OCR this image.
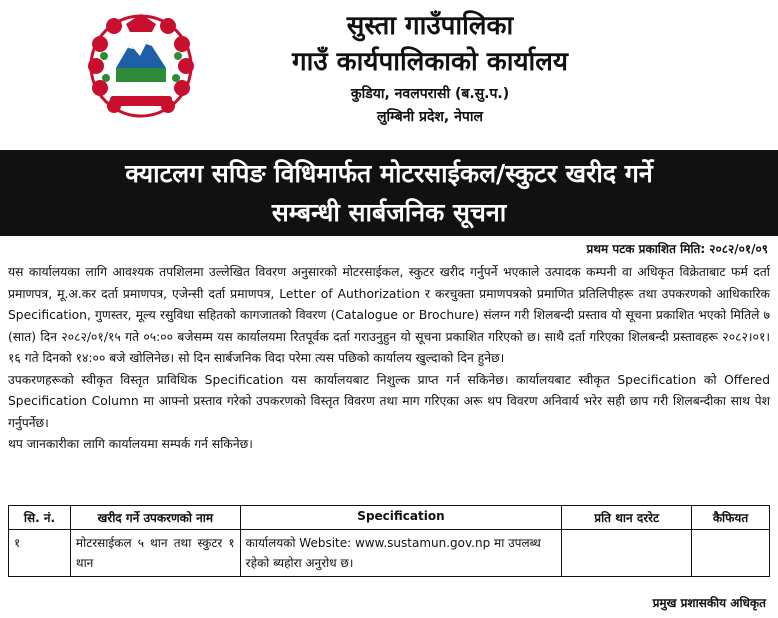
सुस्ता गाउँपालिका
गाउँ कार्यपालिकाको कार्यालय
कुडिया, नवलपरासी (ब.सु.प.)
लुम्बिनी प्रदेश, नेपाल
क्याटलग सपिङ विधिमार्फत मोटरसाईकल/स्कुटर खरीद गर्ने
सम्बन्धी सार्बजनिक सूचना
प्रथम पटक प्रकाशित मिति: २०८२/०१/०९

यस कार्यालयका लागि आवश्यक तपशिलमा उल्लेखित विवरण अनुसारको मोटरसाईकल, स्कुटर खरीद गर्नुपर्ने भएकाले उत्पादक कम्पनी वा अधिकृत विक्रेताबाट फर्म दर्ता प्रमाणपत्र, मू.अ.कर दर्ता प्रमाणपत्र, एजेन्सी दर्ता प्रमाणपत्र, Letter of Authorization र करचुक्ता प्रमाणपत्रको प्रमाणित प्रतिलिपीहरू तथा उपकरणको आधिकारिक Specification, गुणस्तर, मूल्य रसुविधा सहितको कागजातको विवरण (Catalogue or Brochure) संलग्न गरी शिलबन्दी प्रस्ताव यो सूचना प्रकाशित भएको मितिले ७ (सात) दिन २०८२/०१/१५ गते ०५:०० बजेसम्म यस कार्यालयमा रितपूर्वक दर्ता गराउनुहुन यो सूचना प्रकाशित गरिएको छ। साथै दर्ता गरिएका शिलबन्दी प्रस्तावहरू २०८२।०१।१६ गते दिनको १४:०० बजे खोलिनेछ। सो दिन सार्बजनिक विदा परेमा त्यस पछिको कार्यालय खुल्दाको दिन हुनेछ।

उपकरणहरूको स्वीकृत विस्तृत प्राविधिक Specification यस कार्यालयबाट निशुल्क प्राप्त गर्न सकिनेछ। कार्यालयबाट स्वीकृत Specification को Offered Specification Column मा आफ्नो प्रस्ताव गरेको उपकरणको विस्तृत विवरण तथा माग गरिएका अरू थप विवरण अनिवार्य भरेर सही छाप गरी शिलबन्दीका साथ पेश गर्नुपर्नेछ।

थप जानकारीका लागि कार्यालयमा सम्पर्क गर्न सकिनेछ।

सि. नं.	खरीद गर्ने उपकरणको नाम	Specification	प्रति थान दररेट	कैफियत
१	मोटरसाईकल ५ थान तथा स्कुटर १ थान	कार्यालयको Website: www.sustamun.gov.np मा उपलब्ध रहेको ब्यहोरा अनुरोध छ।		
प्रमुख प्रशासकीय अधिकृत
